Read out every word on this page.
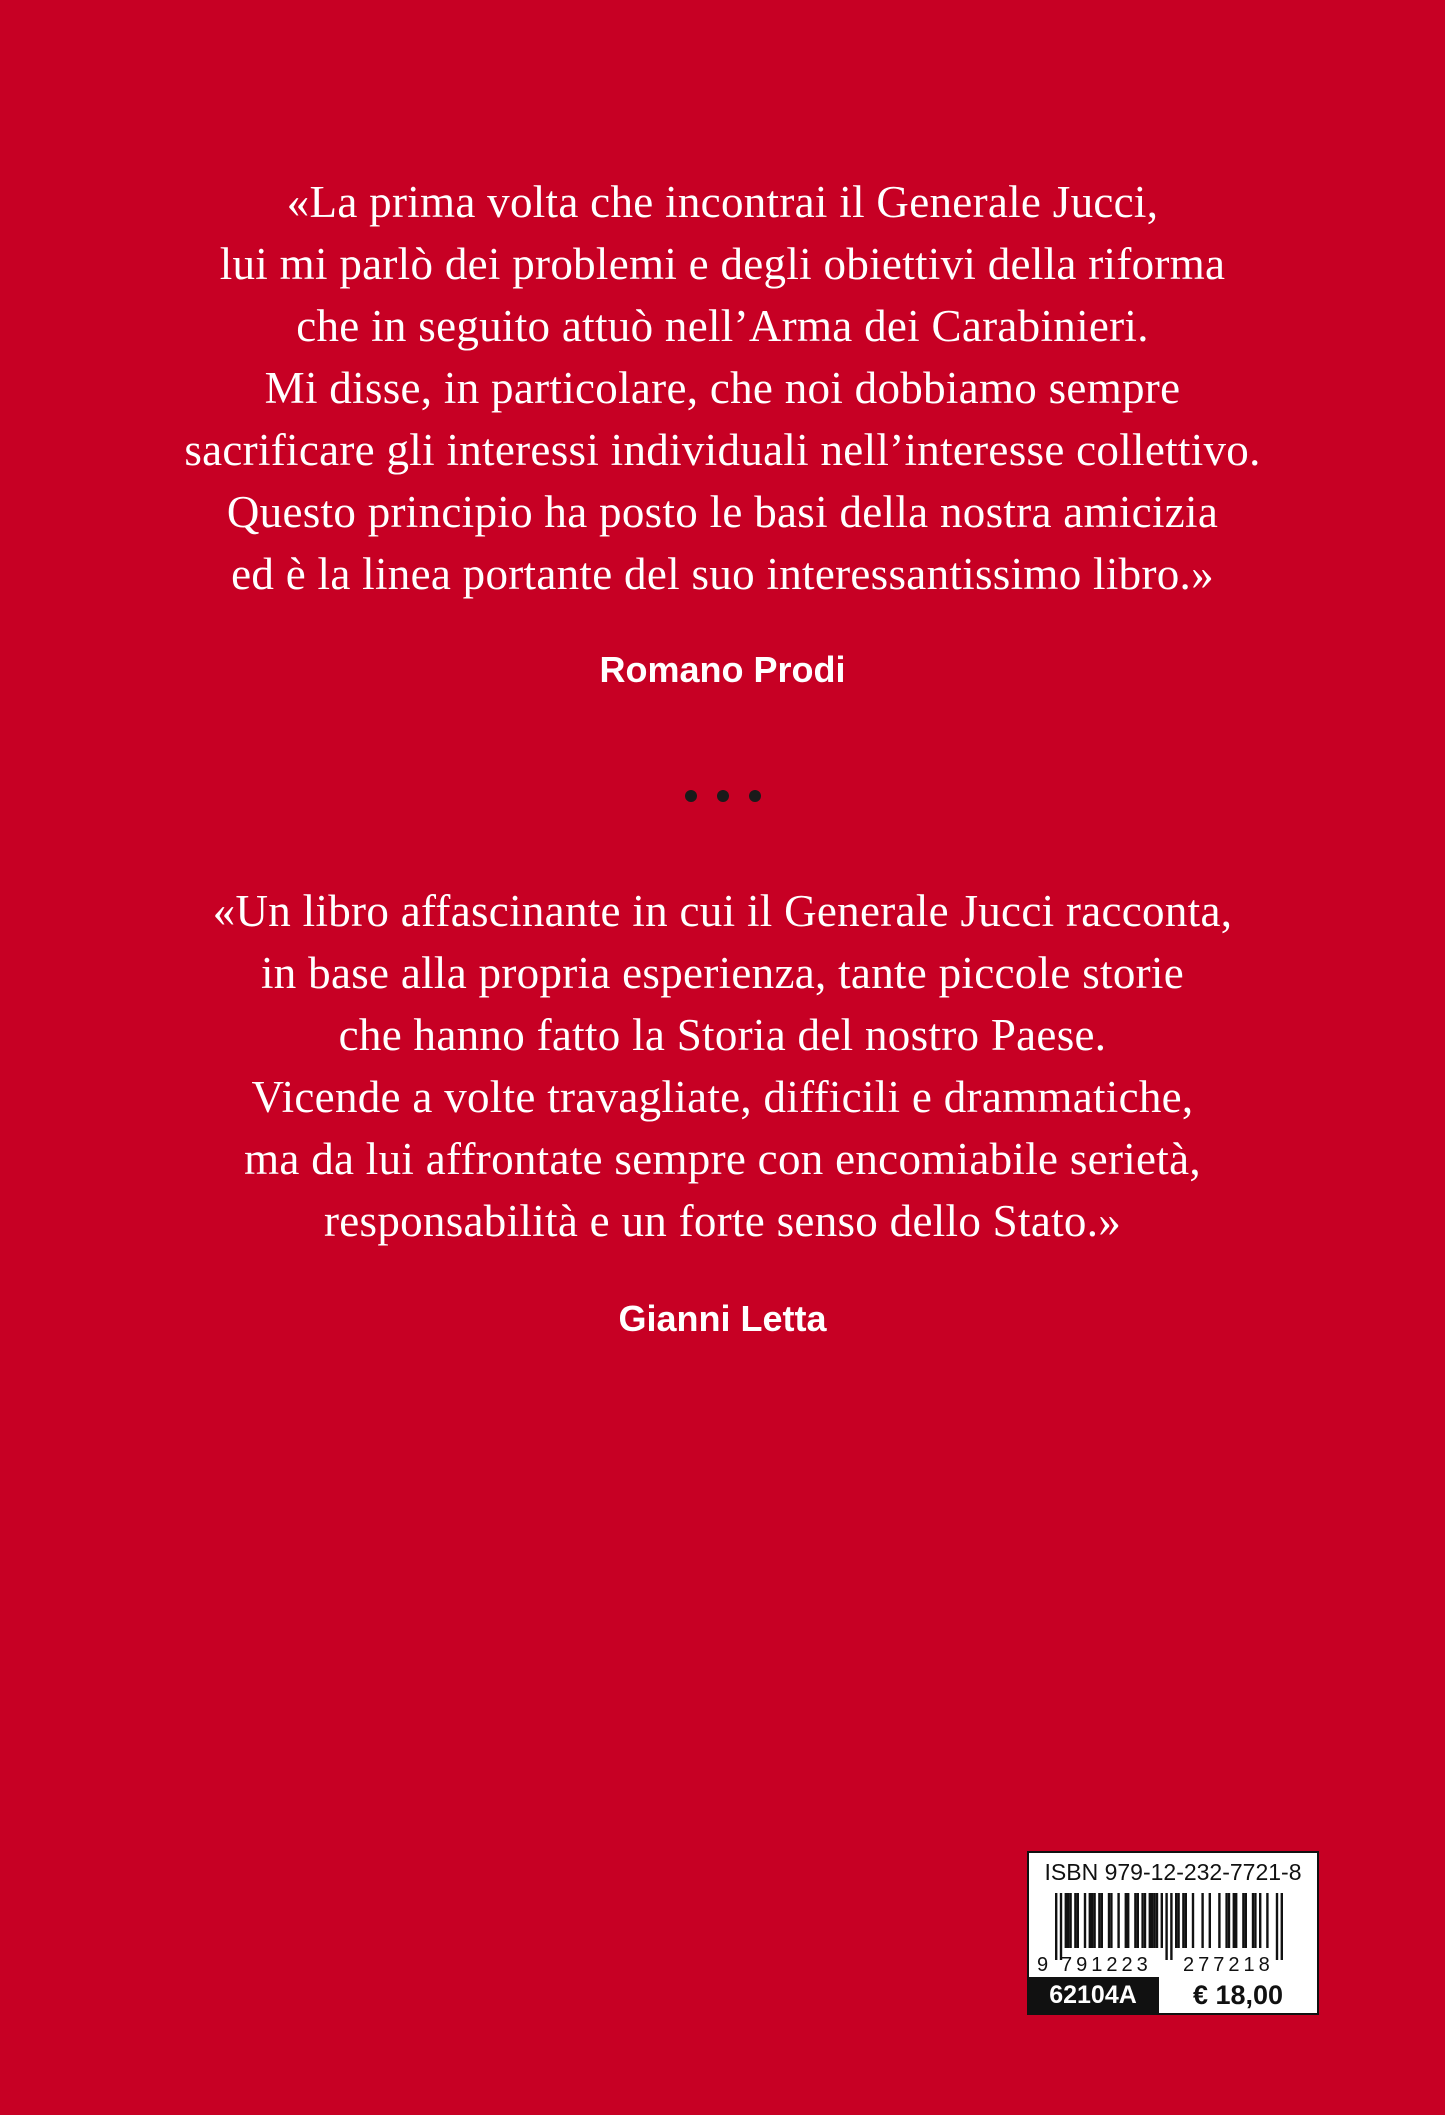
«La prima volta che incontrai il Generale Jucci,
lui mi parlò dei problemi e degli obiettivi della riforma
che in seguito attuò nell’Arma dei Carabinieri.
Mi disse, in particolare, che noi dobbiamo sempre
sacrificare gli interessi individuali nell’interesse collettivo.
Questo principio ha posto le basi della nostra amicizia
ed è la linea portante del suo interessantissimo libro.»
Romano Prodi
«Un libro affascinante in cui il Generale Jucci racconta,
in base alla propria esperienza, tante piccole storie
che hanno fatto la Storia del nostro Paese.
Vicende a volte travagliate, difficili e drammatiche,
ma da lui affrontate sempre con encomiabile serietà,
responsabilità e un forte senso dello Stato.»
Gianni Letta
ISBN 979-12-232-7721-8
9 791223 277218
62104A	€ 18,00
